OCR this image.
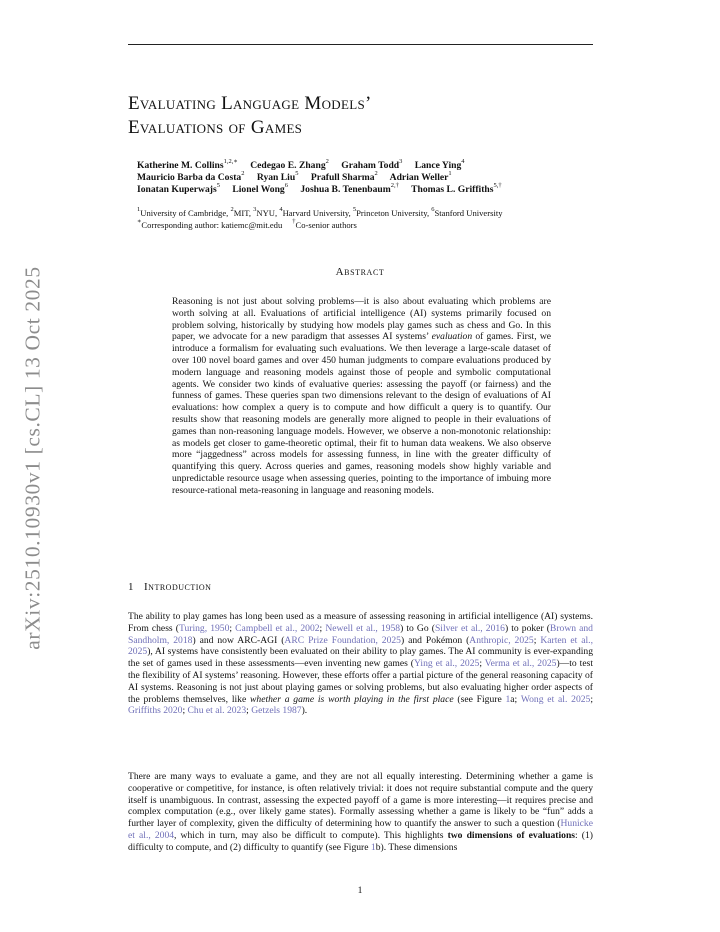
arXiv:2510.10930v1 [cs.CL] 13 Oct 2025
Evaluating Language Models’
Evaluations of Games
Katherine M. Collins$^{1,2,∗}$ Cedegao E. Zhang$^2$ Graham Todd$^3$ Lance Ying$^4$
Mauricio Barba da Costa$^2$ Ryan Liu$^5$ Prafull Sharma$^2$ Adrian Weller$^1$
Ionatan Kuperwajs$^5$ Lionel Wong$^6$ Joshua B. Tenenbaum$^{2,\dagger}$ Thomas L. Griffiths$^{5,\dagger}$
$^1$University of Cambridge, $^2$MIT, $^3$NYU, $^4$Harvard University, $^5$Princeton University, $^6$Stanford University
∗Corresponding author: katiemc@mit.edu †Co-senior authors
Abstract

Reasoning is not just about solving problems—it is also about evaluating which problems are worth solving at all. Evaluations of artificial intelligence (AI) systems primarily focused on problem solving, historically by studying how models play games such as chess and Go. In this paper, we advocate for a new paradigm that assesses AI systems’ evaluation of games. First, we introduce a formalism for evaluating such evaluations. We then leverage a large-scale dataset of over 100 novel board games and over 450 human judgments to compare evaluations produced by modern language and reasoning models against those of people and symbolic computational agents. We consider two kinds of evaluative queries: assessing the payoff (or fairness) and the funness of games. These queries span two dimensions relevant to the design of evaluations of AI evaluations: how complex a query is to compute and how difficult a query is to quantify. Our results show that reasoning models are generally more aligned to people in their evaluations of games than non-reasoning language models. However, we observe a non-monotonic relationship: as models get closer to game-theoretic optimal, their fit to human data weakens. We also observe more “jaggedness” across models for assessing funness, in line with the greater difficulty of quantifying this query. Across queries and games, reasoning models show highly variable and unpredictable resource usage when assessing queries, pointing to the importance of imbuing more resource-rational meta-reasoning in language and reasoning models.

1 Introduction

The ability to play games has long been used as a measure of assessing reasoning in artificial intelligence (AI) systems. From chess (Turing, 1950; Campbell et al., 2002; Newell et al., 1958) to Go (Silver et al., 2016) to poker (Brown and Sandholm, 2018) and now ARC-AGI (ARC Prize Foundation, 2025) and Pokémon (Anthropic, 2025; Karten et al., 2025), AI systems have consistently been evaluated on their ability to play games. The AI community is ever-expanding the set of games used in these assessments—even inventing new games (Ying et al., 2025; Verma et al., 2025)—to test the flexibility of AI systems’ reasoning. However, these efforts offer a partial picture of the general reasoning capacity of AI systems. Reasoning is not just about playing games or solving problems, but also evaluating higher order aspects of the problems themselves, like whether a game is worth playing in the first place (see Figure 1a; Wong et al. 2025; Griffiths 2020; Chu et al. 2023; Getzels 1987).

There are many ways to evaluate a game, and they are not all equally interesting. Determining whether a game is cooperative or competitive, for instance, is often relatively trivial: it does not require substantial compute and the query itself is unambiguous. In contrast, assessing the expected payoff of a game is more interesting—it requires precise and complex computation (e.g., over likely game states). Formally assessing whether a game is likely to be “fun” adds a further layer of complexity, given the difficulty of determining how to quantify the answer to such a question (Hunicke et al., 2004, which in turn, may also be difficult to compute). This highlights two dimensions of evaluations: (1) difficulty to compute, and (2) difficulty to quantify (see Figure 1b). These dimensions

1
